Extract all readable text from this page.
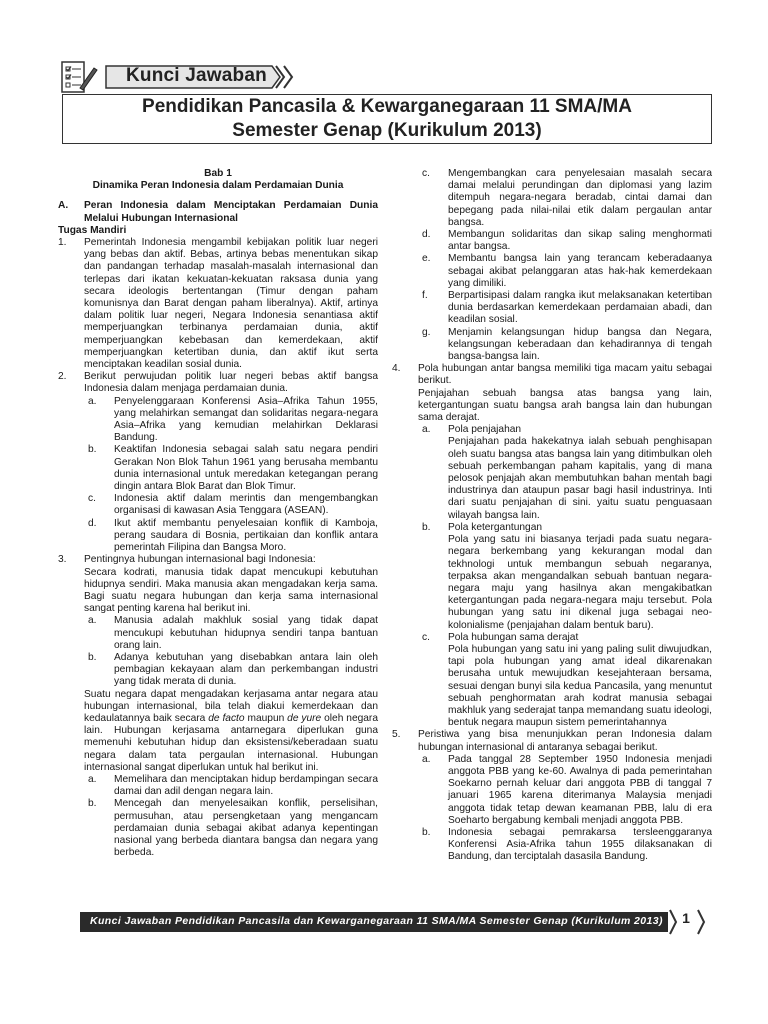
Kunci Jawaban
Pendidikan Pancasila & Kewarganegaraan 11 SMA/MA
Semester Genap (Kurikulum 2013)
Bab 1
Dinamika Peran Indonesia dalam Perdamaian Dunia
A. Peran Indonesia dalam Menciptakan Perdamaian Dunia Melalui Hubungan Internasional
Tugas Mandiri
1. Pemerintah Indonesia mengambil kebijakan politik luar negeri yang bebas dan aktif. Bebas, artinya bebas menentukan sikap dan pandangan terhadap masalah-masalah internasional dan terlepas dari ikatan kekuatan-kekuatan raksasa dunia yang secara ideologis bertentangan (Timur dengan paham komunisnya dan Barat dengan paham liberalnya). Aktif, artinya dalam politik luar negeri, Negara Indonesia senantiasa aktif memperjuangkan terbinanya perdamaian dunia, aktif memperjuangkan kebebasan dan kemerdekaan, aktif memperjuangkan ketertiban dunia, dan aktif ikut serta menciptakan keadilan sosial dunia.
2. Berikut perwujudan politik luar negeri bebas aktif bangsa Indonesia dalam menjaga perdamaian dunia.
a. Penyelenggaraan Konferensi Asia–Afrika Tahun 1955, yang melahirkan semangat dan solidaritas negara-negara Asia–Afrika yang kemudian melahirkan Deklarasi Bandung.
b. Keaktifan Indonesia sebagai salah satu negara pendiri Gerakan Non Blok Tahun 1961 yang berusaha membantu dunia internasional untuk meredakan ketegangan perang dingin antara Blok Barat dan Blok Timur.
c. Indonesia aktif dalam merintis dan mengembangkan organisasi di kawasan Asia Tenggara (ASEAN).
d. Ikut aktif membantu penyelesaian konflik di Kamboja, perang saudara di Bosnia, pertikaian dan konflik antara pemerintah Filipina dan Bangsa Moro.
3. Pentingnya hubungan internasional bagi Indonesia:
Secara kodrati, manusia tidak dapat mencukupi kebutuhan hidupnya sendiri. Maka manusia akan mengadakan kerja sama. Bagi suatu negara hubungan dan kerja sama internasional sangat penting karena hal berikut ini.
a. Manusia adalah makhluk sosial yang tidak dapat mencukupi kebutuhan hidupnya sendiri tanpa bantuan orang lain.
b. Adanya kebutuhan yang disebabkan antara lain oleh pembagian kekayaan alam dan perkembangan industri yang tidak merata di dunia.
Suatu negara dapat mengadakan kerjasama antar negara atau hubungan internasional, bila telah diakui kemerdekaan dan kedaulatannya baik secara de facto maupun de yure oleh negara lain. Hubungan kerjasama antarnegara diperlukan guna memenuhi kebutuhan hidup dan eksistensi/keberadaan suatu negara dalam tata pergaulan internasional. Hubungan internasional sangat diperlukan untuk hal berikut ini.
a. Memelihara dan menciptakan hidup berdampingan secara damai dan adil dengan negara lain.
b. Mencegah dan menyelesaikan konflik, perselisihan, permusuhan, atau persengketaan yang mengancam perdamaian dunia sebagai akibat adanya kepentingan nasional yang berbeda diantara bangsa dan negara yang berbeda.
c. Mengembangkan cara penyelesaian masalah secara damai melalui perundingan dan diplomasi yang lazim ditempuh negara-negara beradab, cintai damai dan bepegang pada nilai-nilai etik dalam pergaulan antar bangsa.
d. Membangun solidaritas dan sikap saling menghormati antar bangsa.
e. Membantu bangsa lain yang terancam keberadaanya sebagai akibat pelanggaran atas hak-hak kemerdekaan yang dimiliki.
f. Berpartisipasi dalam rangka ikut melaksanakan ketertiban dunia berdasarkan kemerdekaan perdamaian abadi, dan keadilan sosial.
g. Menjamin kelangsungan hidup bangsa dan Negara, kelangsungan keberadaan dan kehadirannya di tengah bangsa-bangsa lain.
4. Pola hubungan antar bangsa memiliki tiga macam yaitu sebagai berikut.
Penjajahan sebuah bangsa atas bangsa yang lain, ketergantungan suatu bangsa arah bangsa lain dan hubungan sama derajat.
a. Pola penjajahan
Penjajahan pada hakekatnya ialah sebuah penghisapan oleh suatu bangsa atas bangsa lain yang ditimbulkan oleh sebuah perkembangan paham kapitalis, yang di mana pelosok penjajah akan membutuhkan bahan mentah bagi industrinya dan ataupun pasar bagi hasil industrinya. Inti dari suatu penjajahan di sini. yaitu suatu penguasaan wilayah bangsa lain.
b. Pola ketergantungan
Pola yang satu ini biasanya terjadi pada suatu negara-negara berkembang yang kekurangan modal dan tekhnologi untuk membangun sebuah negaranya, terpaksa akan mengandalkan sebuah bantuan negara-negara maju yang hasilnya akan mengakibatkan ketergantungan pada negara-negara maju tersebut. Pola hubungan yang satu ini dikenal juga sebagai neo-kolonialisme (penjajahan dalam bentuk baru).
c. Pola hubungan sama derajat
Pola hubungan yang satu ini yang paling sulit diwujudkan, tapi pola hubungan yang amat ideal dikarenakan berusaha untuk mewujudkan kesejahteraan bersama, sesuai dengan bunyi sila kedua Pancasila, yang menuntut sebuah penghormatan arah kodrat manusia sebagai makhluk yang sederajat tanpa memandang suatu ideologi, bentuk negara maupun sistem pemerintahannya
5. Peristiwa yang bisa menunjukkan peran Indonesia dalam hubungan internasional di antaranya sebagai berikut.
a. Pada tanggal 28 September 1950 Indonesia menjadi anggota PBB yang ke-60. Awalnya di pada pemerintahan Soekarno pernah keluar dari anggota PBB di tanggal 7 januari 1965 karena diterimanya Malaysia menjadi anggota tidak tetap dewan keamanan PBB, lalu di era Soeharto bergabung kembali menjadi anggota PBB.
b. Indonesia sebagai pemrakarsa tersleenggaranya Konferensi Asia-Afrika tahun 1955 dilaksanakan di Bandung, dan terciptalah dasasila Bandung.
Kunci Jawaban Pendidikan Pancasila dan Kewarganegaraan 11 SMA/MA Semester Genap (Kurikulum 2013)	1
